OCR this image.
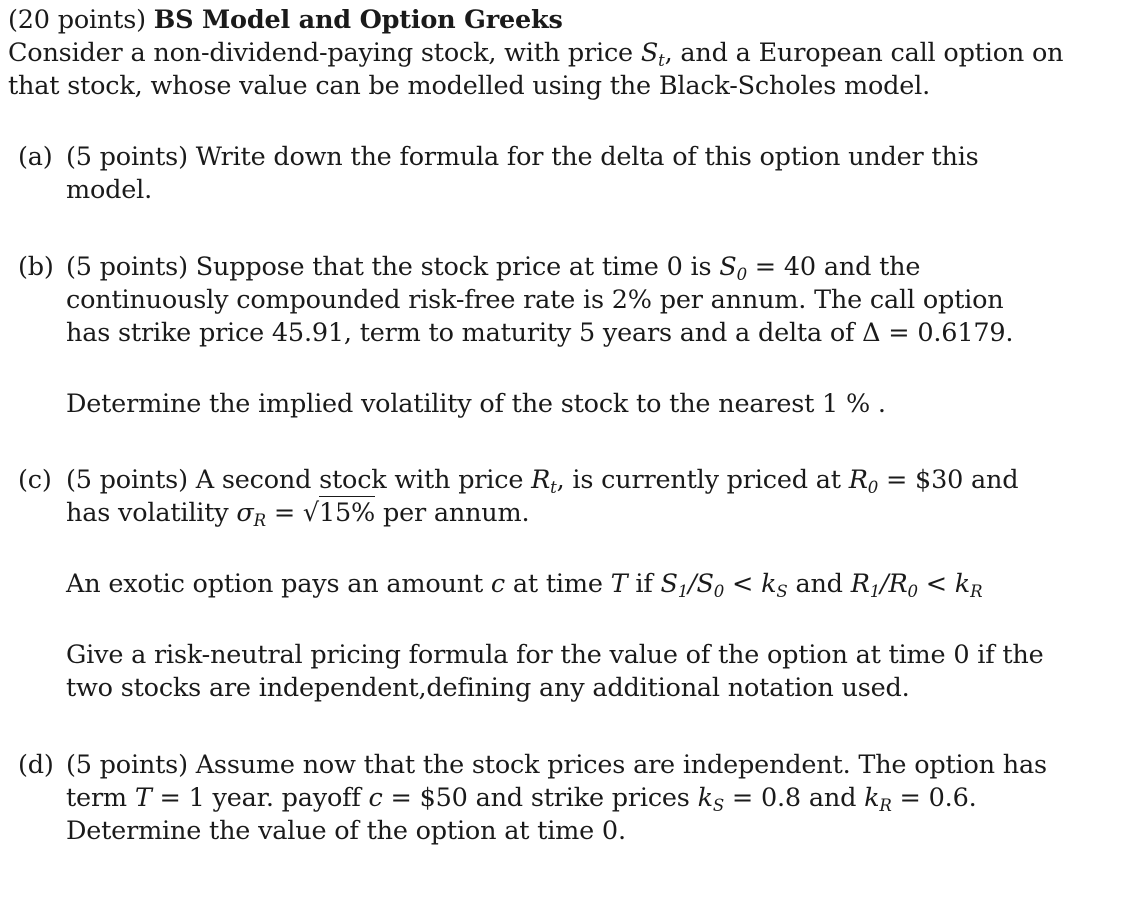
(20 points) BS Model and Option Greeks

Consider a non-dividend-paying stock, with price $S_t$, and a European call option on that stock, whose value can be modelled using the Black-Scholes model.

(a) (5 points) Write down the formula for the delta of this option under this model.

(b) (5 points) Suppose that the stock price at time 0 is $S_0 = 40$ and the continuously compounded risk-free rate is 2% per annum. The call option has strike price 45.91, term to maturity 5 years and a delta of Δ = 0.6179.

Determine the implied volatility of the stock to the nearest 1 % .

(c) (5 points) A second stock with price $R_t$, is currently priced at $R_0$ = $30 and has volatility $\sigma_R = √15\%$ per annum.

An exotic option pays an amount c at time T if $S_1/S_0 < k_S$ and $R_1/R_0 < k_R$

Give a risk-neutral pricing formula for the value of the option at time 0 if the two stocks are independent,defining any additional notation used.

(d) (5 points) Assume now that the stock prices are independent. The option has term T = 1 year. payoff c = $50 and strike prices $k_S = 0.8$ and $k_R = 0.6$. Determine the value of the option at time 0.
